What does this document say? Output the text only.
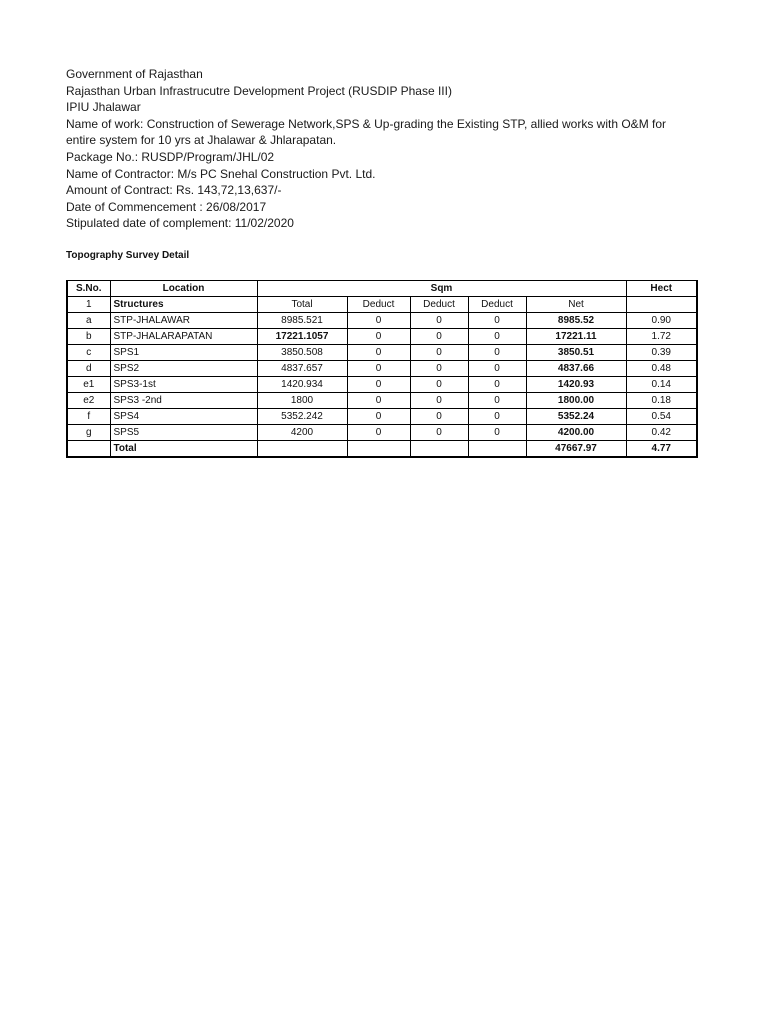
Government of Rajasthan

Rajasthan Urban Infrastrucutre Development Project (RUSDIP Phase III)

IPIU Jhalawar

Name of work: Construction of Sewerage Network,SPS & Up-grading the Existing STP, allied works with O&M for entire system for 10 yrs at Jhalawar & Jhlarapatan.

Package No.: RUSDP/Program/JHL/02

Name of Contractor: M/s PC Snehal Construction Pvt. Ltd.

Amount of Contract: Rs. 143,72,13,637/-

Date of Commencement : 26/08/2017

Stipulated date of complement: 11/02/2020

Topography Survey Detail
S.No.	Location	Sqm					Hect
1	Structures	Total	Deduct	Deduct	Deduct	Net	
a	STP-JHALAWAR	8985.521	0	0	0	8985.52	0.90
b	STP-JHALARAPATAN	17221.1057	0	0	0	17221.11	1.72
c	SPS1	3850.508	0	0	0	3850.51	0.39
d	SPS2	4837.657	0	0	0	4837.66	0.48
e1	SPS3-1st	1420.934	0	0	0	1420.93	0.14
e2	SPS3 -2nd	1800	0	0	0	1800.00	0.18
f	SPS4	5352.242	0	0	0	5352.24	0.54
g	SPS5	4200	0	0	0	4200.00	0.42
	Total					47667.97	4.77
